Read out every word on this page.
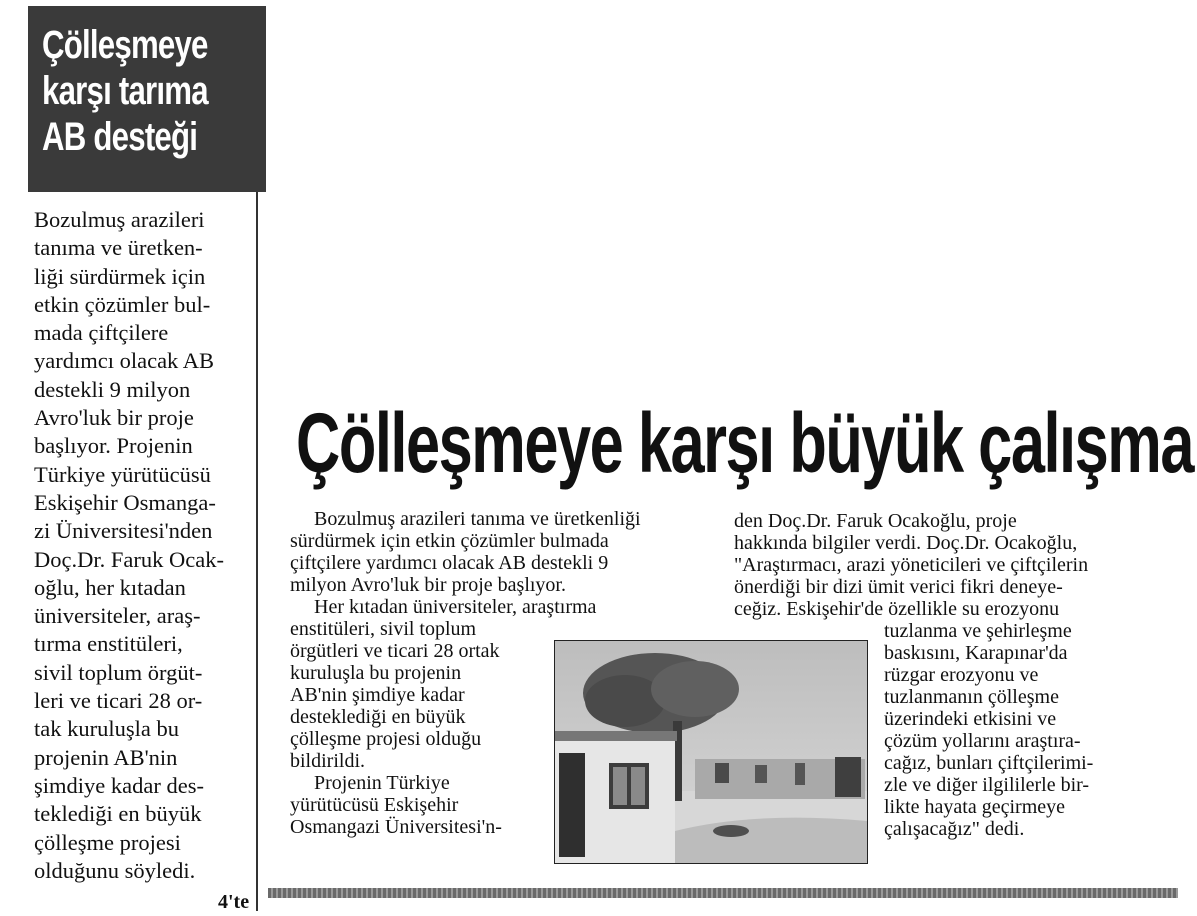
Çölleşmeye
karşı tarıma
AB desteği
Bozulmuş arazileri
tanıma ve üretken-
liği sürdürmek için
etkin çözümler bul-
mada çiftçilere
yardımcı olacak AB
destekli 9 milyon
Avro'luk bir proje
başlıyor. Projenin
Türkiye yürütücüsü
Eskişehir Osmanga-
zi Üniversitesi'nden
Doç.Dr. Faruk Ocak-
oğlu, her kıtadan
üniversiteler, araş-
tırma enstitüleri,
sivil toplum örgüt-
leri ve ticari 28 or-
tak kuruluşla bu
projenin AB'nin
şimdiye kadar des-
teklediği en büyük
çölleşme projesi
olduğunu söyledi.
4'te
Çölleşmeye karşı büyük çalışma
Bozulmuş arazileri tanıma ve üretkenliği
sürdürmek için etkin çözümler bulmada
çiftçilere yardımcı olacak AB destekli 9
milyon Avro'luk bir proje başlıyor.
Her kıtadan üniversiteler, araştırma
enstitüleri, sivil toplum
örgütleri ve ticari 28 ortak
kuruluşla bu projenin
AB'nin şimdiye kadar
desteklediği en büyük
çölleşme projesi olduğu
bildirildi.
Projenin Türkiye
yürütücüsü Eskişehir
Osmangazi Üniversitesi'n-
den Doç.Dr. Faruk Ocakoğlu, proje
hakkında bilgiler verdi. Doç.Dr. Ocakoğlu,
"Araştırmacı, arazi yöneticileri ve çiftçilerin
önerdiği bir dizi ümit verici fikri deneye-
ceğiz. Eskişehir'de özellikle su erozyonu
tuzlanma ve şehirleşme
baskısını, Karapınar'da
rüzgar erozyonu ve
tuzlanmanın çölleşme
üzerindeki etkisini ve
çözüm yollarını araştıra-
cağız, bunları çiftçilerimi-
zle ve diğer ilgililerle bir-
likte hayata geçirmeye
çalışacağız" dedi.
